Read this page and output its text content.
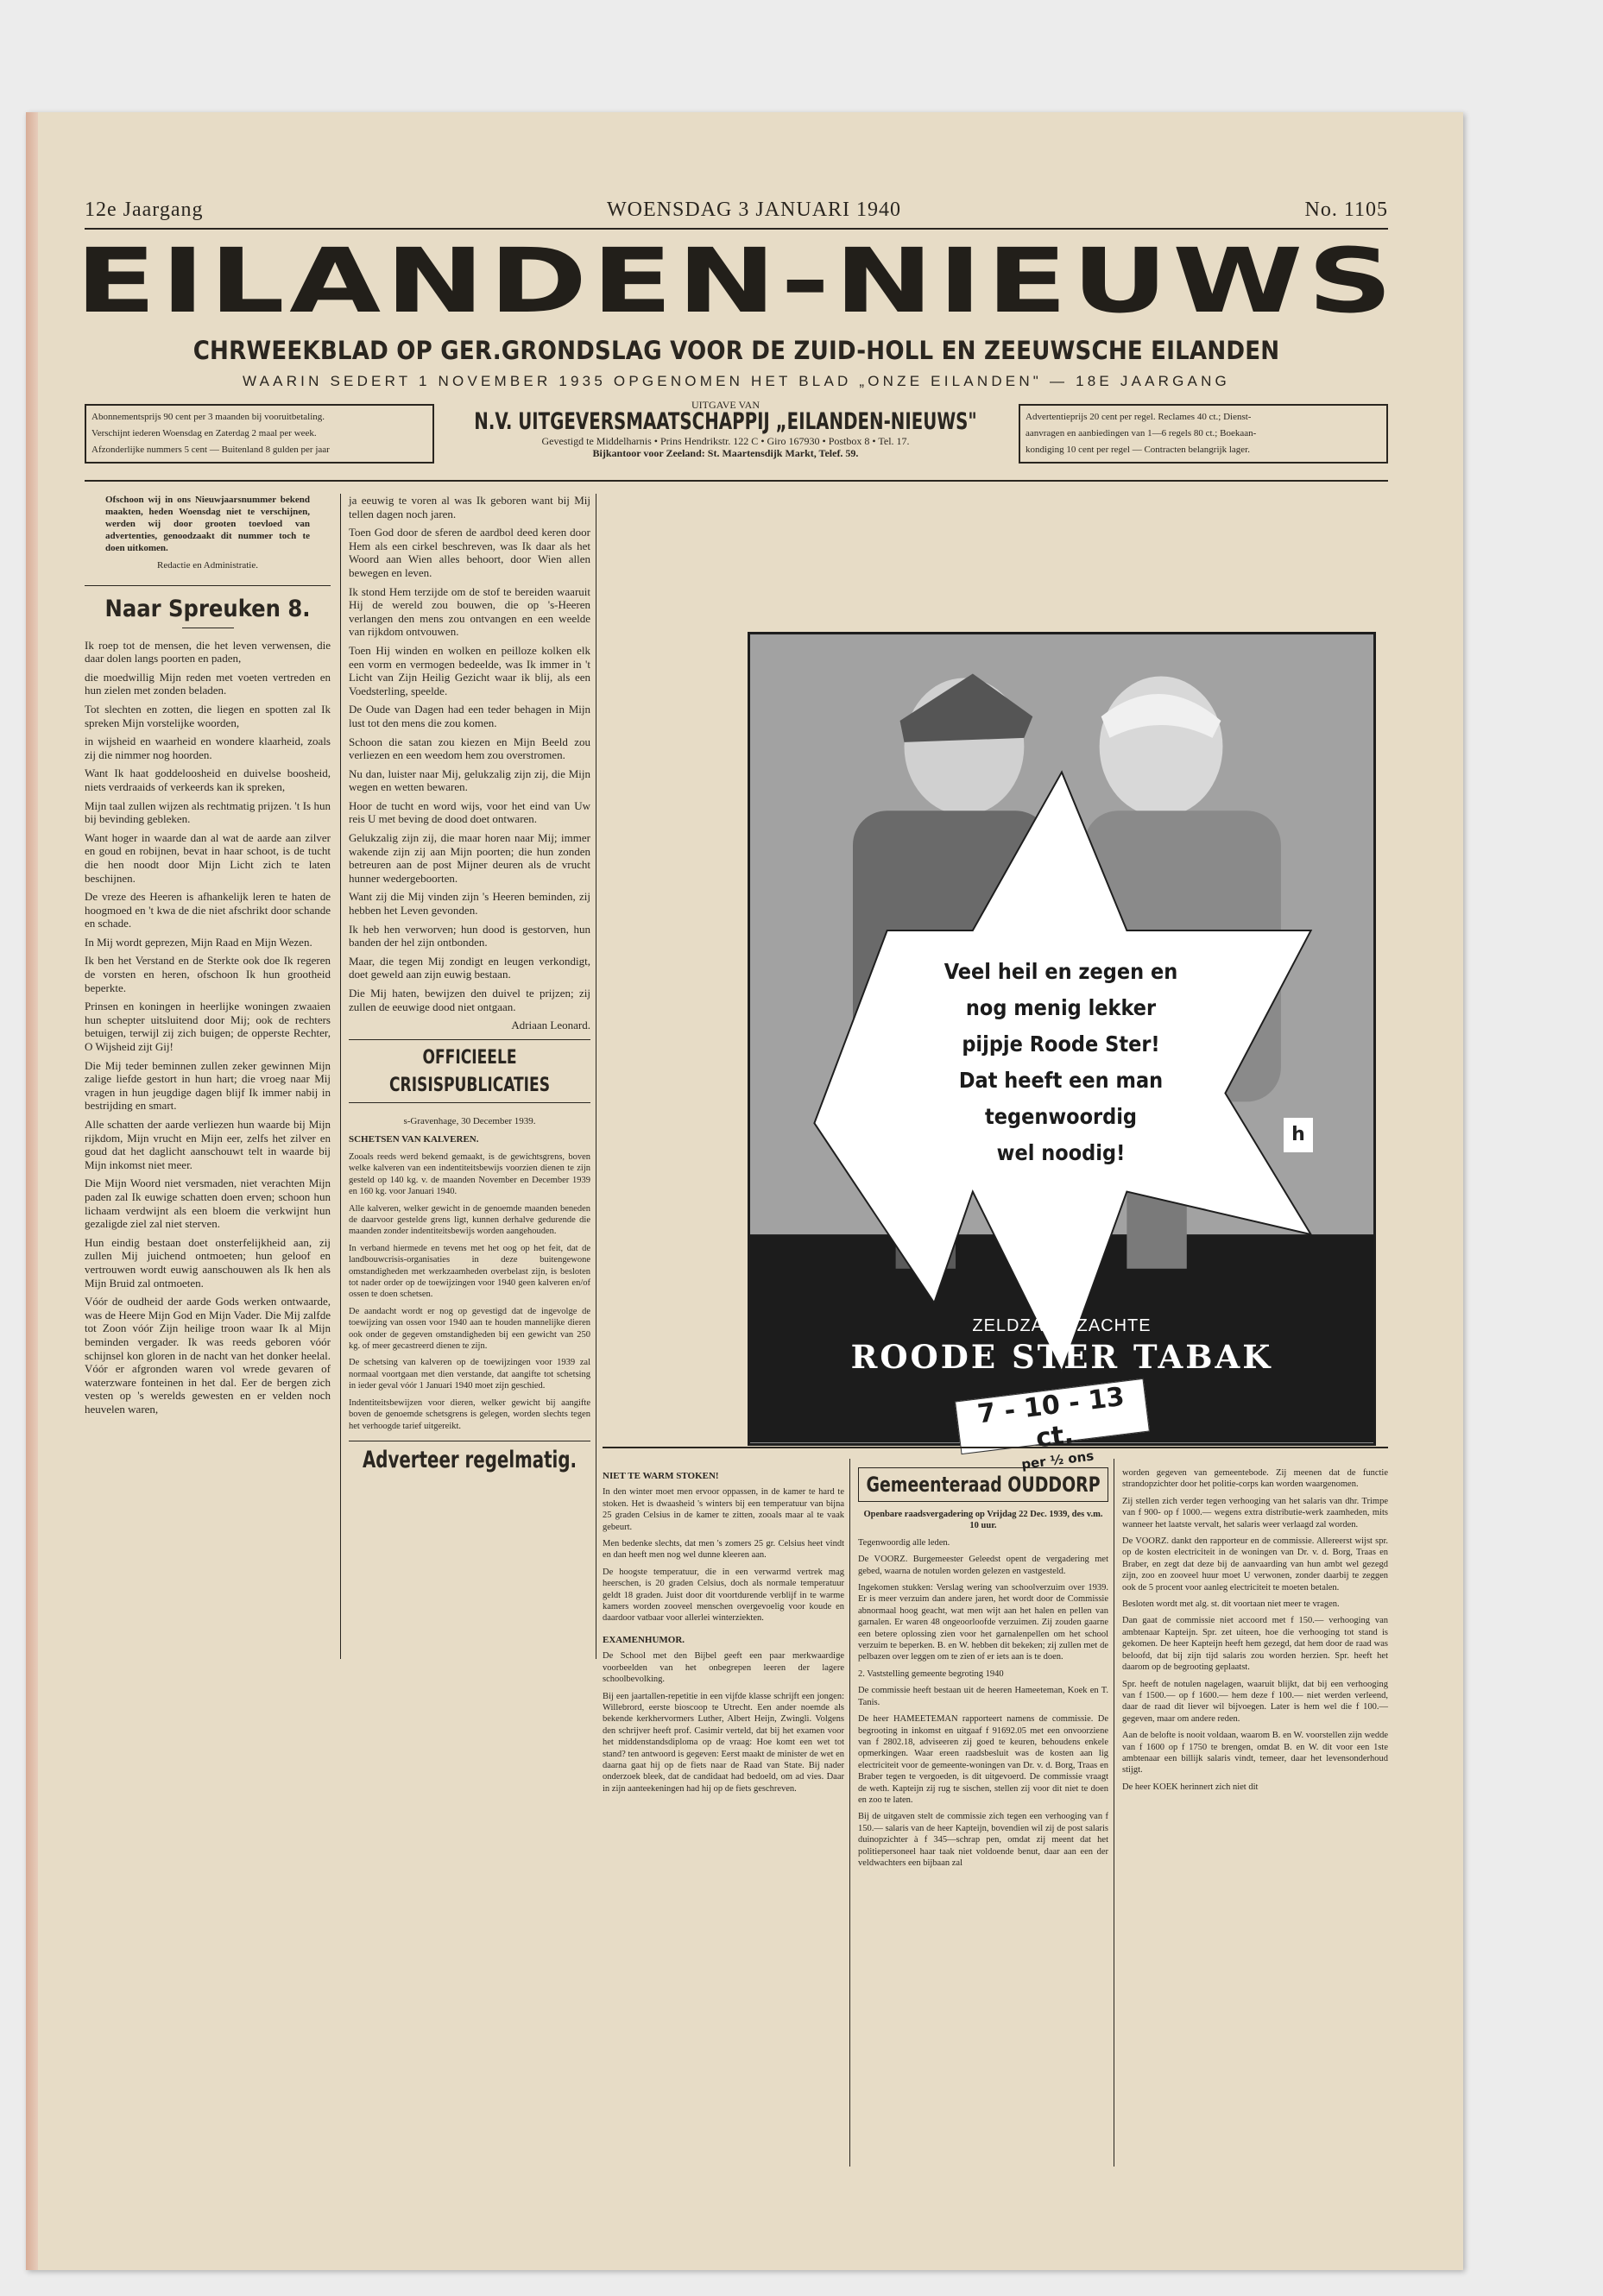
12e Jaargang	WOENSDAG 3 JANUARI 1940	No. 1105
EILANDEN-NIEUWS
CHRWEEKBLAD OP GER.GRONDSLAG VOOR DE ZUID-HOLL EN ZEEUWSCHE EILANDEN
WAARIN SEDERT 1 NOVEMBER 1935 OPGENOMEN HET BLAD „ONZE EILANDEN" — 18E JAARGANG
Abonnementsprijs 90 cent per 3 maanden bij vooruitbetaling.
Verschijnt iederen Woensdag en Zaterdag 2 maal per week.
Afzonderlijke nummers 5 cent — Buitenland 8 gulden per jaar
UITGAVE VAN
N.V. UITGEVERSMAATSCHAPPIJ „EILANDEN-NIEUWS"
Gevestigd te Middelharnis • Prins Hendrikstr. 122 C • Giro 167930 • Postbox 8 • Tel. 17.
Bijkantoor voor Zeeland: St. Maartensdijk Markt, Telef. 59.
Advertentieprijs 20 cent per regel. Reclames 40 ct.; Dienst-
aanvragen en aanbiedingen van 1—6 regels 80 ct.; Boekaan-
kondiging 10 cent per regel — Contracten belangrijk lager.

Ofschoon wij in ons Nieuwjaarsnummer bekend maakten, heden Woensdag niet te verschijnen, werden wij door grooten toevloed van advertenties, genoodzaakt dit nummer toch te doen uitkomen.

Redactie en Administratie.

Naar Spreuken 8.

Ik roep tot de mensen, die het leven verwensen, die daar dolen langs poorten en paden,

die moedwillig Mijn reden met voeten vertreden en hun zielen met zonden beladen.

Tot slechten en zotten, die liegen en spotten zal Ik spreken Mijn vorstelijke woorden,

in wijsheid en waarheid en wondere klaarheid, zoals zij die nimmer nog hoorden.

Want Ik haat goddeloosheid en duivelse boosheid, niets verdraaids of verkeerds kan ik spreken,

Mijn taal zullen wijzen als rechtmatig prijzen. 't Is hun bij bevinding gebleken.

Want hoger in waarde dan al wat de aarde aan zilver en goud en robijnen, bevat in haar schoot, is de tucht die hen noodt door Mijn Licht zich te laten beschijnen.

De vreze des Heeren is afhankelijk leren te haten de hoogmoed en 't kwa de die niet afschrikt door schande en schade.

In Mij wordt geprezen, Mijn Raad en Mijn Wezen.

Ik ben het Verstand en de Sterkte ook doe Ik regeren de vorsten en heren, ofschoon Ik hun grootheid beperkte.

Prinsen en koningen in heerlijke woningen zwaaien hun schepter uitsluitend door Mij; ook de rechters betuigen, terwijl zij zich buigen; de opperste Rechter, O Wijsheid zijt Gij!

Die Mij teder beminnen zullen zeker gewinnen Mijn zalige liefde gestort in hun hart; die vroeg naar Mij vragen in hun jeugdige dagen blijf Ik immer nabij in bestrijding en smart.

Alle schatten der aarde verliezen hun waarde bij Mijn rijkdom, Mijn vrucht en Mijn eer, zelfs het zilver en goud dat het daglicht aanschouwt telt in waarde bij Mijn inkomst niet meer.

Die Mijn Woord niet versmaden, niet verachten Mijn paden zal Ik euwige schatten doen erven; schoon hun lichaam verdwijnt als een bloem die verkwijnt hun gezaligde ziel zal niet sterven.

Hun eindig bestaan doet onsterfelijkheid aan, zij zullen Mij juichend ontmoeten; hun geloof en vertrouwen wordt euwig aanschouwen als Ik hen als Mijn Bruid zal ontmoeten.

Vóór de oudheid der aarde Gods werken ontwaarde, was de Heere Mijn God en Mijn Vader. Die Mij zalfde tot Zoon vóór Zijn heilige troon waar Ik al Mijn beminden vergader. Ik was reeds geboren vóór schijnsel kon gloren in de nacht van het donker heelal. Vóór er afgronden waren vol wrede gevaren of waterzware fonteinen in het dal. Eer de bergen zich vesten op 's werelds gewesten en er velden noch heuvelen waren,

ja eeuwig te voren al was Ik geboren want bij Mij tellen dagen noch jaren.

Toen God door de sferen de aardbol deed keren door Hem als een cirkel beschreven, was Ik daar als het Woord aan Wien alles behoort, door Wien allen bewegen en leven.

Ik stond Hem terzijde om de stof te bereiden waaruit Hij de wereld zou bouwen, die op 's-Heeren verlangen den mens zou ontvangen en een weelde van rijkdom ontvouwen.

Toen Hij winden en wolken en peilloze kolken elk een vorm en vermogen bedeelde, was Ik immer in 't Licht van Zijn Heilig Gezicht waar ik blij, als een Voedsterling, speelde.

De Oude van Dagen had een teder behagen in Mijn lust tot den mens die zou komen.

Schoon die satan zou kiezen en Mijn Beeld zou verliezen en een weedom hem zou overstromen.

Nu dan, luister naar Mij, gelukzalig zijn zij, die Mijn wegen en wetten bewaren.

Hoor de tucht en word wijs, voor het eind van Uw reis U met beving de dood doet ontwaren.

Gelukzalig zijn zij, die maar horen naar Mij; immer wakende zijn zij aan Mijn poorten; die hun zonden betreuren aan de post Mijner deuren als de vrucht hunner wedergeboorten.

Want zij die Mij vinden zijn 's Heeren beminden, zij hebben het Leven gevonden.

Ik heb hen verworven; hun dood is gestorven, hun banden der hel zijn ontbonden.

Maar, die tegen Mij zondigt en leugen verkondigt, doet geweld aan zijn euwig bestaan.

Die Mij haten, bewijzen den duivel te prijzen; zij zullen de eeuwige dood niet ontgaan.

Adriaan Leonard.

OFFICIEELE CRISISPUBLICATIES

s-Gravenhage, 30 December 1939.

SCHETSEN VAN KALVEREN.

Zooals reeds werd bekend gemaakt, is de gewichtsgrens, boven welke kalveren van een indentiteitsbewijs voorzien dienen te zijn gesteld op 140 kg. v. de maanden November en December 1939 en 160 kg. voor Januari 1940.

Alle kalveren, welker gewicht in de genoemde maanden beneden de daarvoor gestelde grens ligt, kunnen derhalve gedurende die maanden zonder indentiteitsbewijs worden aangehouden.

In verband hiermede en tevens met het oog op het feit, dat de landbouwcrisis-organisaties in deze buitengewone omstandigheden met werkzaamheden overbelast zijn, is besloten tot nader order op de toewijzingen voor 1940 geen kalveren en/of ossen te doen schetsen.

De aandacht wordt er nog op gevestigd dat de ingevolge de toewijzing van ossen voor 1940 aan te houden mannelijke dieren ook onder de gegeven omstandigheden bij een gewicht van 250 kg. of meer gecastreerd dienen te zijn.

De schetsing van kalveren op de toewijzingen voor 1939 zal normaal voortgaan met dien verstande, dat aangifte tot schetsing in ieder geval vóór 1 Januari 1940 moet zijn geschied.

Indentiteitsbewijzen voor dieren, welker gewicht bij aangifte boven de genoemde schetsgrens is gelegen, worden slechts tegen het verhoogde tarief uitgereikt.

Adverteer regelmatig.
Veel heil en zegen en
nog menig lekker
pijpje Roode Ster!
Dat heeft een man
tegenwoordig
wel noodig!
h
ZELDZAAM ZACHTE
ROODE STER TABAK
7 - 10 - 13 ct.
per ½ ons
NIET TE WARM STOKEN!

In den winter moet men ervoor oppassen, in de kamer te hard te stoken. Het is dwaasheid 's winters bij een temperatuur van bijna 25 graden Celsius in de kamer te zitten, zooals maar al te vaak gebeurt.

Men bedenke slechts, dat men 's zomers 25 gr. Celsius heet vindt en dan heeft men nog wel dunne kleeren aan.

De hoogste temperatuur, die in een verwarmd vertrek mag heerschen, is 20 graden Celsius, doch als normale temperatuur geldt 18 graden. Juist door dit voortdurende verblijf in te warme kamers worden zooveel menschen overgevoelig voor koude en daardoor vatbaar voor allerlei winterziekten.

EXAMENHUMOR.

De School met den Bijbel geeft een paar merkwaardige voorbeelden van het onbegrepen leeren der lagere schoolbevolking.

Bij een jaartallen-repetitie in een vijfde klasse schrijft een jongen: Willebrord, eerste bioscoop te Utrecht. Een ander noemde als bekende kerkhervormers Luther, Albert Heijn, Zwingli. Volgens den schrijver heeft prof. Casimir verteld, dat bij het examen voor het middenstandsdiploma op de vraag: Hoe komt een wet tot stand? ten antwoord is gegeven: Eerst maakt de minister de wet en daarna gaat hij op de fiets naar de Raad van State. Bij nader onderzoek bleek, dat de candidaat had bedoeld, om ad vies. Daar in zijn aanteekeningen had hij op de fiets geschreven.

Gemeenteraad OUDDORP

Openbare raadsvergadering op Vrijdag 22 Dec. 1939, des v.m. 10 uur.

Tegenwoordig alle leden.

De VOORZ. Burgemeester Geleedst opent de vergadering met gebed, waarna de notulen worden gelezen en vastgesteld.

Ingekomen stukken: Verslag wering van schoolverzuim over 1939. Er is meer verzuim dan andere jaren, het wordt door de Commissie abnormaal hoog geacht, wat men wijt aan het halen en pellen van garnalen. Er waren 48 ongeoorloofde verzuimen. Zij zouden gaarne een betere oplossing zien voor het garnalenpellen om het school verzuim te beperken. B. en W. hebben dit bekeken; zij zullen met de pelbazen over leggen om te zien of er iets aan is te doen.

2. Vaststelling gemeente begroting 1940

De commissie heeft bestaan uit de heeren Hameeteman, Koek en T. Tanis.

De heer HAMEETEMAN rapporteert namens de commissie. De begrooting in inkomst en uitgaaf f 91692.05 met een onvoorziene van f 2802.18, adviseeren zij goed te keuren, behoudens enkele opmerkingen. Waar ereen raadsbesluit was de kosten aan lig electriciteit voor de gemeente-woningen van Dr. v. d. Borg, Traas en Braber tegen te vergoeden, is dit uitgevoerd. De commissie vraagt de weth. Kapteijn zij rug te sischen, stellen zij voor dit niet te doen en zoo te laten.

Bij de uitgaven stelt de commissie zich tegen een verhooging van f 150.— salaris van de heer Kapteijn, bovendien wil zij de post salaris duinopzichter à f 345—schrap pen, omdat zij meent dat het politiepersoneel haar taak niet voldoende benut, daar aan een der veldwachters een bijbaan zal

worden gegeven van gemeentebode. Zij meenen dat de functie strandopzichter door het politie-corps kan worden waargenomen.

Zij stellen zich verder tegen verhooging van het salaris van dhr. Trimpe van f 900- op f 1000.— wegens extra distributie-werk zaamheden, mits wanneer het laatste vervalt, het salaris weer verlaagd zal worden.

De VOORZ. dankt den rapporteur en de commissie. Allereerst wijst spr. op de kosten electriciteit in de woningen van Dr. v. d. Borg, Traas en Braber, en zegt dat deze bij de aanvaarding van hun ambt wel gezegd zijn, zoo en zooveel huur moet U verwonen, zonder daarbij te zeggen ook de 5 procent voor aanleg electriciteit te moeten betalen.

Besloten wordt met alg. st. dit voortaan niet meer te vragen.

Dan gaat de commissie niet accoord met f 150.— verhooging van ambtenaar Kapteijn. Spr. zet uiteen, hoe die verhooging tot stand is gekomen. De heer Kapteijn heeft hem gezegd, dat hem door de raad was beloofd, dat bij zijn tijd salaris zou worden herzien. Spr. heeft het daarom op de begrooting geplaatst.

Spr. heeft de notulen nagelagen, waaruit blijkt, dat bij een verhooging van f 1500.— op f 1600.— hem deze f 100.— niet werden verleend, daar de raad dit liever wil bijvoegen. Later is hem wel die f 100.— gegeven, maar om andere reden.

Aan de belofte is nooit voldaan, waarom B. en W. voorstellen zijn wedde van f 1600 op f 1750 te brengen, omdat B. en W. dit voor een 1ste ambtenaar een billijk salaris vindt, temeer, daar het levensonderhoud stijgt.

De heer KOEK herinnert zich niet dit
